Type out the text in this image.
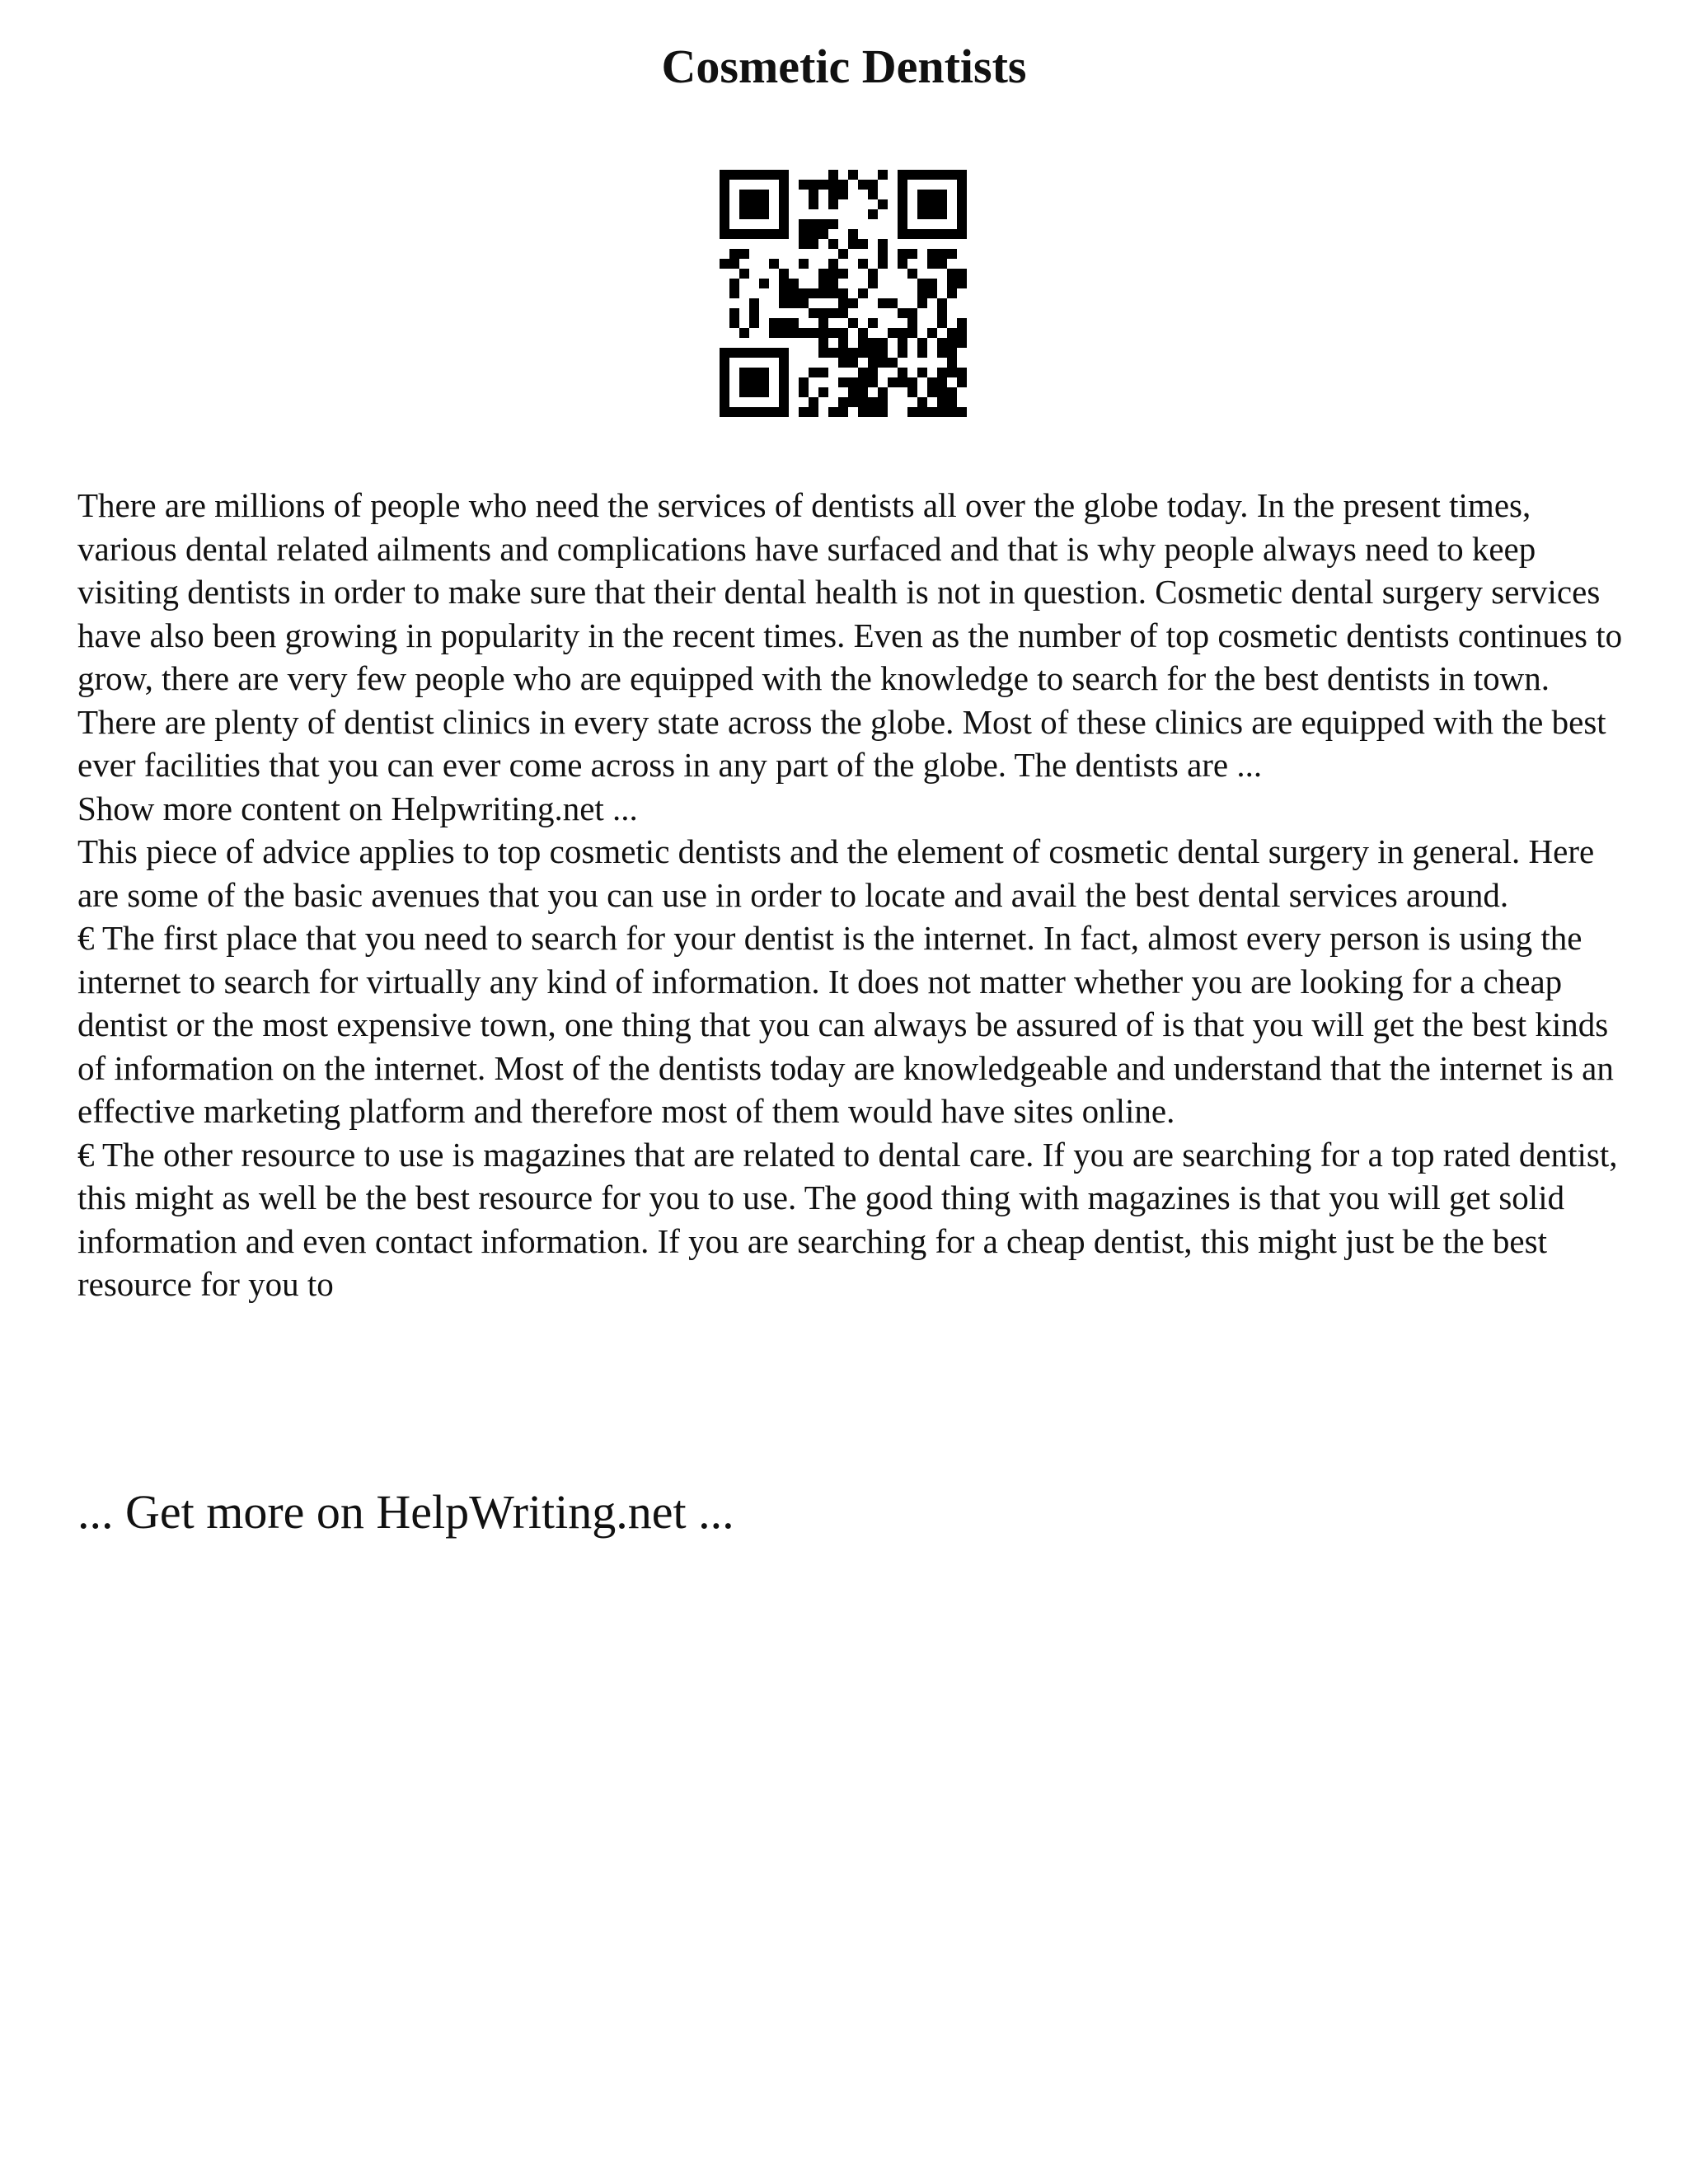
Cosmetic Dentists

There are millions of people who need the services of dentists all over the globe today. In the present times, various dental related ailments and complications have surfaced and that is why people always need to keep visiting dentists in order to make sure that their dental health is not in question. Cosmetic dental surgery services have also been growing in popularity in the recent times. Even as the number of top cosmetic dentists continues to grow, there are very few people who are equipped with the knowledge to search for the best dentists in town.

There are plenty of dentist clinics in every state across the globe. Most of these clinics are equipped with the best ever facilities that you can ever come across in any part of the globe. The dentists are ...

Show more content on Helpwriting.net ...

This piece of advice applies to top cosmetic dentists and the element of cosmetic dental surgery in general. Here are some of the basic avenues that you can use in order to locate and avail the best dental services around.

€ The first place that you need to search for your dentist is the internet. In fact, almost every person is using the internet to search for virtually any kind of information. It does not matter whether you are looking for a cheap dentist or the most expensive town, one thing that you can always be assured of is that you will get the best kinds of information on the internet. Most of the dentists today are knowledgeable and understand that the internet is an effective marketing platform and therefore most of them would have sites online.

€ The other resource to use is magazines that are related to dental care. If you are searching for a top rated dentist, this might as well be the best resource for you to use. The good thing with magazines is that you will get solid information and even contact information. If you are searching for a cheap dentist, this might just be the best resource for you to

... Get more on HelpWriting.net ...
